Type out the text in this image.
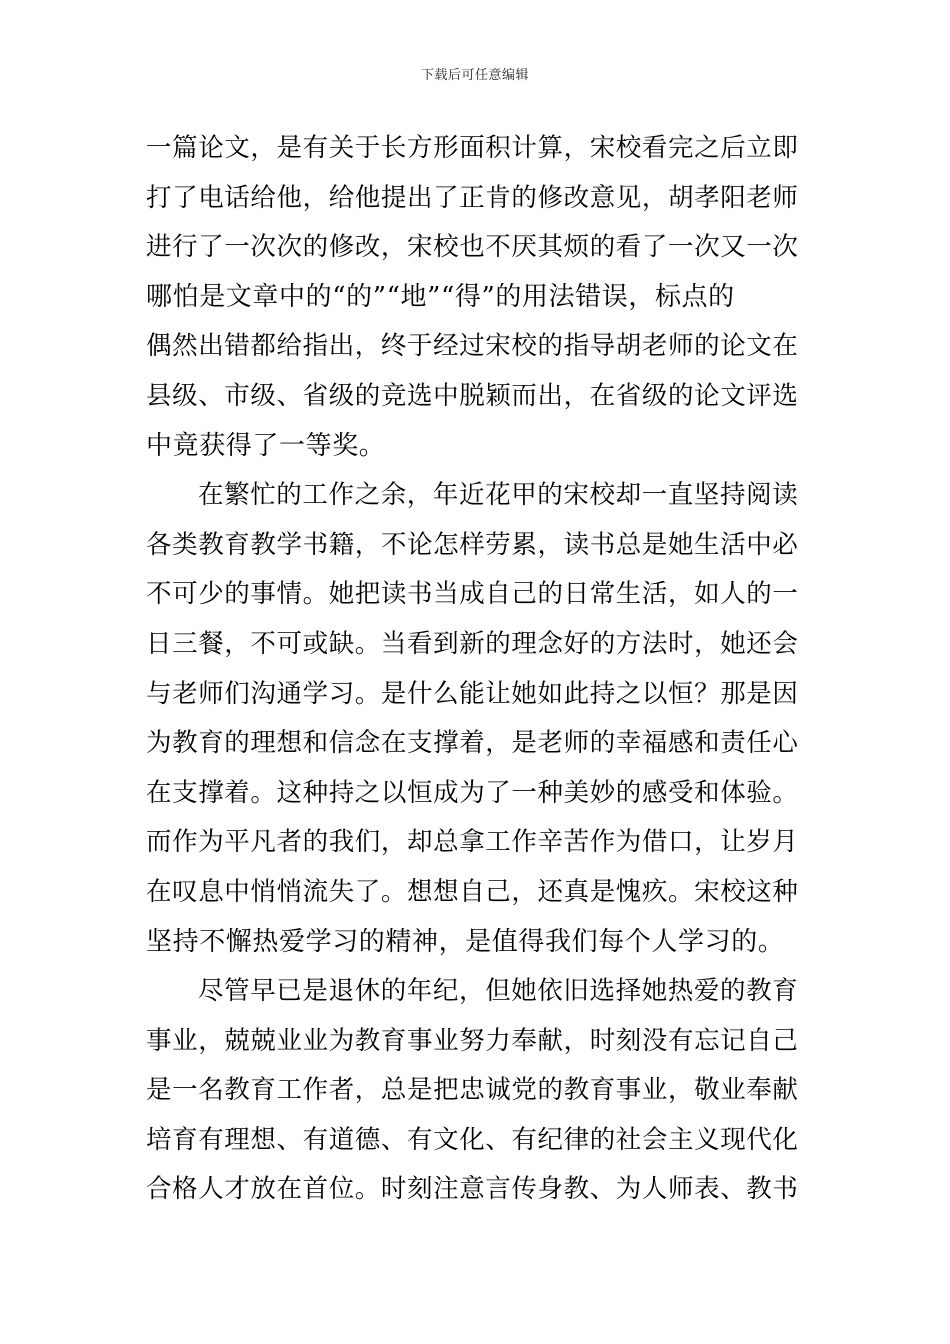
下载后可任意编辑
一篇论文，是有关于长方形面积计算，宋校看完之后立即
打了电话给他，给他提出了正肯的修改意见，胡孝阳老师
进行了一次次的修改，宋校也不厌其烦的看了一次又一次
哪怕是文章中的“的”“地”“得”的用法错误，标点的
偶然出错都给指出，终于经过宋校的指导胡老师的论文在
县级、市级、省级的竞选中脱颖而出，在省级的论文评选
中竟获得了一等奖。
在繁忙的工作之余，年近花甲的宋校却一直坚持阅读
各类教育教学书籍，不论怎样劳累，读书总是她生活中必
不可少的事情。她把读书当成自己的日常生活，如人的一
日三餐，不可或缺。当看到新的理念好的方法时，她还会
与老师们沟通学习。是什么能让她如此持之以恒？那是因
为教育的理想和信念在支撑着，是老师的幸福感和责任心
在支撑着。这种持之以恒成为了一种美妙的感受和体验。
而作为平凡者的我们，却总拿工作辛苦作为借口，让岁月
在叹息中悄悄流失了。想想自己，还真是愧疚。宋校这种
坚持不懈热爱学习的精神，是值得我们每个人学习的。
尽管早已是退休的年纪，但她依旧选择她热爱的教育
事业，兢兢业业为教育事业努力奉献，时刻没有忘记自己
是一名教育工作者，总是把忠诚党的教育事业，敬业奉献
培育有理想、有道德、有文化、有纪律的社会主义现代化
合格人才放在首位。时刻注意言传身教、为人师表、教书
